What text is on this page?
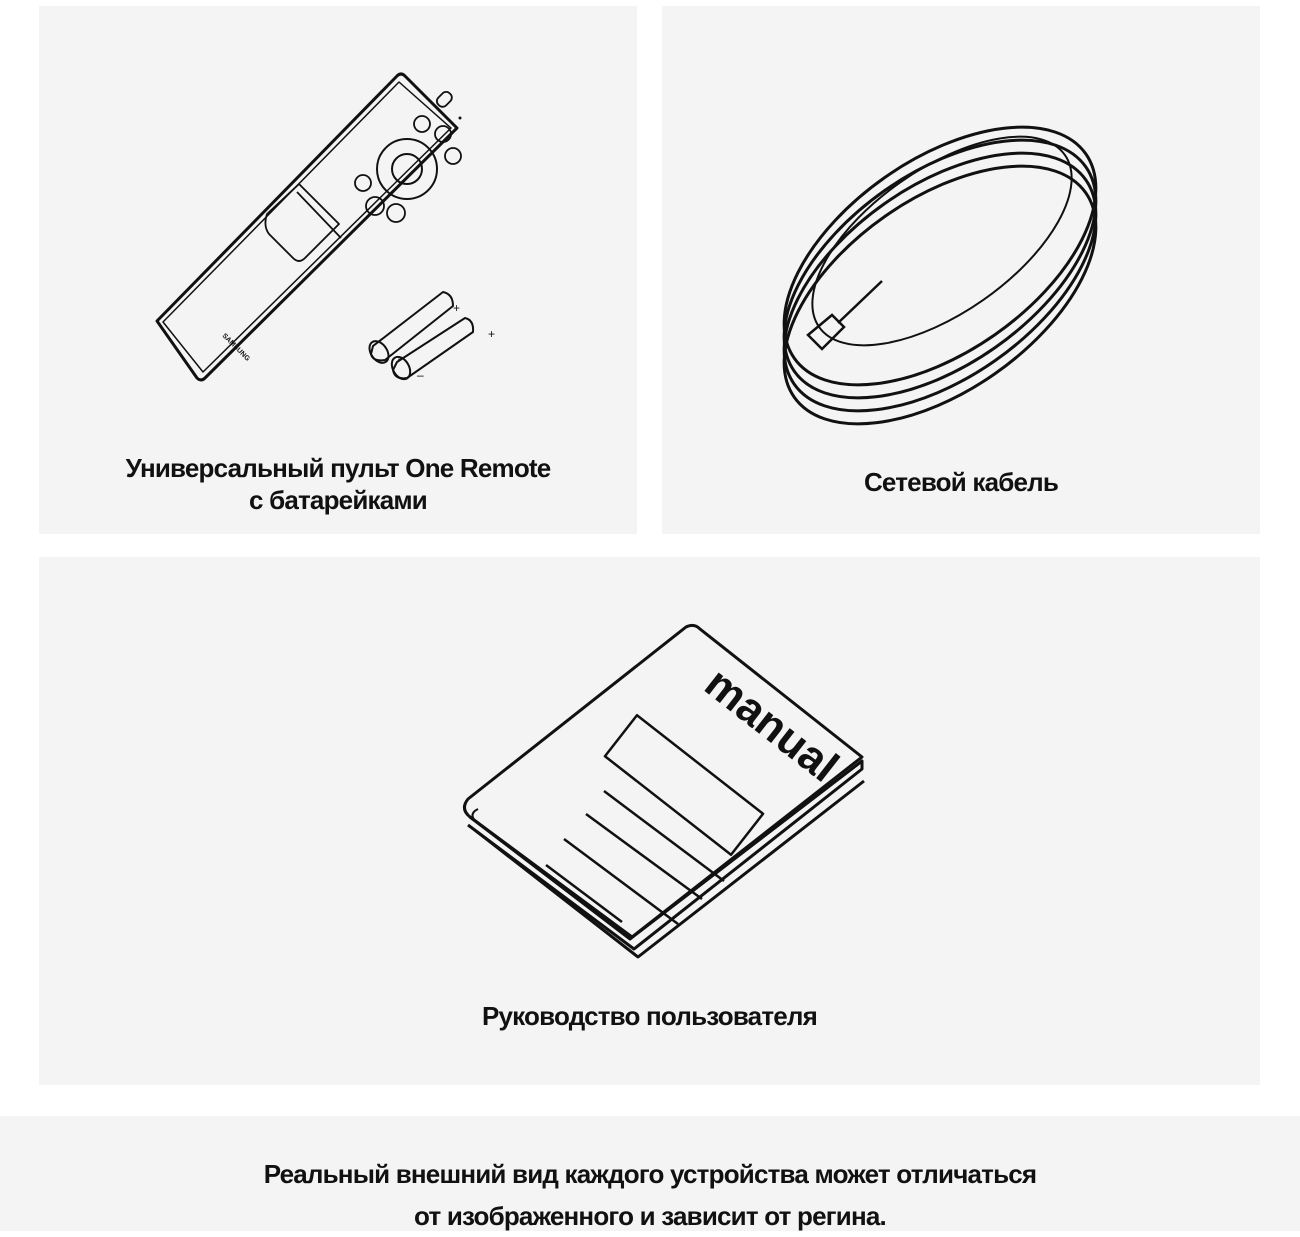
+
+
–
–
SAMSUNG
Универсальный пульт One Remote
с батарейками
Сетевой кабель
manual
Руководство пользователя
Реальный внешний вид каждого устройства может отличаться
от изображенного и зависит от регина.
